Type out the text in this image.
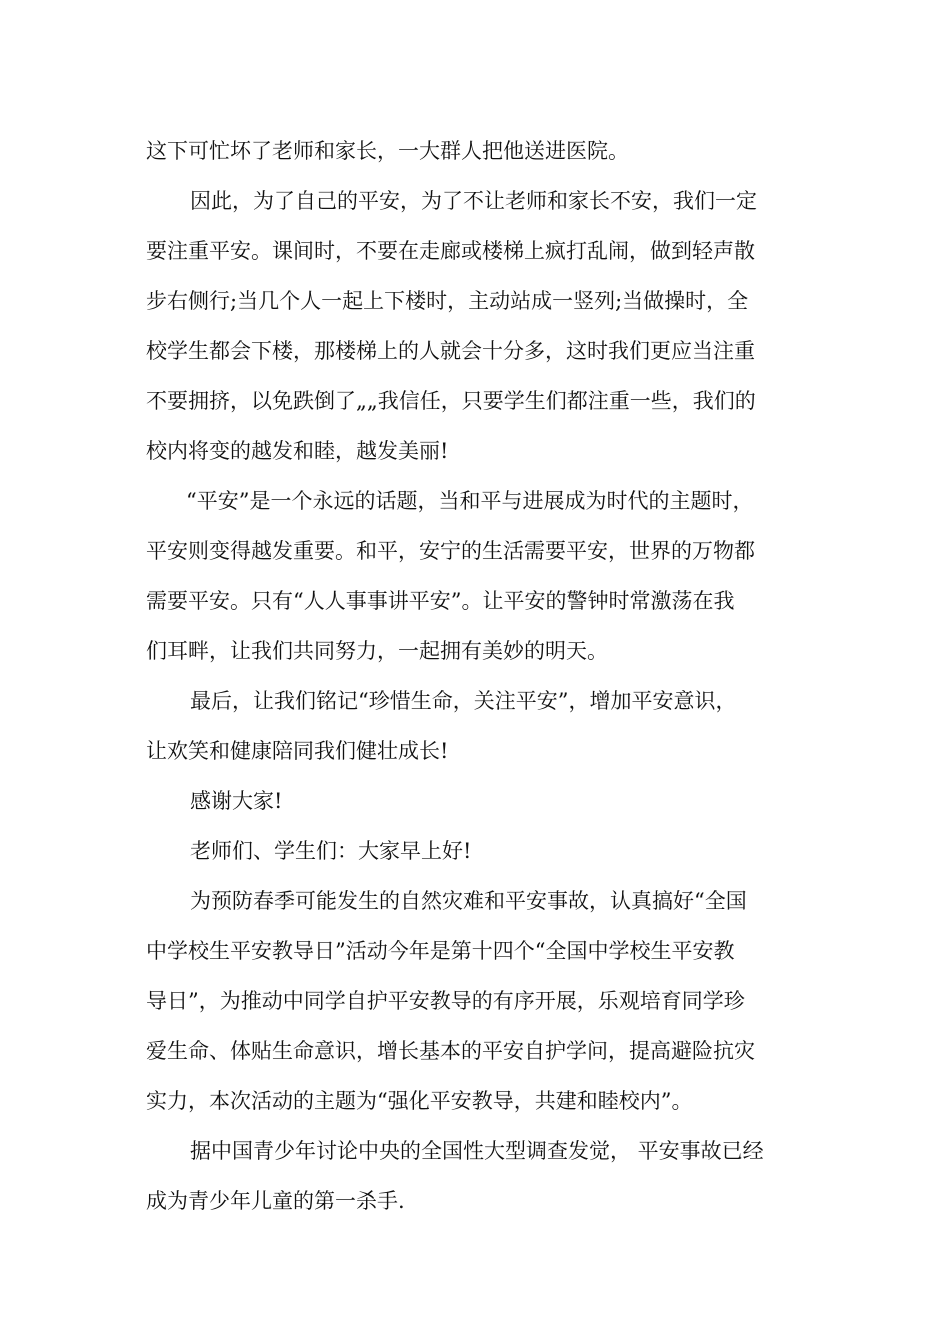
这下可忙坏了老师和家长，一大群人把他送进医院。
因此，为了自己的平安，为了不让老师和家长不安，我们一定
要注重平安。课间时，不要在走廊或楼梯上疯打乱闹，做到轻声散
步右侧行;当几个人一起上下楼时，主动站成一竖列;当做操时，全
校学生都会下楼，那楼梯上的人就会十分多，这时我们更应当注重
不要拥挤，以免跌倒了„„我信任，只要学生们都注重一些，我们的
校内将变的越发和睦，越发美丽!
“平安”是一个永远的话题，当和平与进展成为时代的主题时，
平安则变得越发重要。和平，安宁的生活需要平安，世界的万物都
需要平安。只有“人人事事讲平安”。让平安的警钟时常激荡在我
们耳畔，让我们共同努力，一起拥有美妙的明天。
最后，让我们铭记“珍惜生命，关注平安”，增加平安意识，
让欢笑和健康陪同我们健壮成长!
感谢大家!
老师们、学生们：大家早上好!
为预防春季可能发生的自然灾难和平安事故，认真搞好“全国
中学校生平安教导日”活动今年是第十四个“全国中学校生平安教
导日”，为推动中同学自护平安教导的有序开展，乐观培育同学珍
爱生命、体贴生命意识，增长基本的平安自护学问，提高避险抗灾
实力，本次活动的主题为“强化平安教导，共建和睦校内”。
据中国青少年讨论中央的全国性大型调查发觉， 平安事故已经
成为青少年儿童的第一杀手.
